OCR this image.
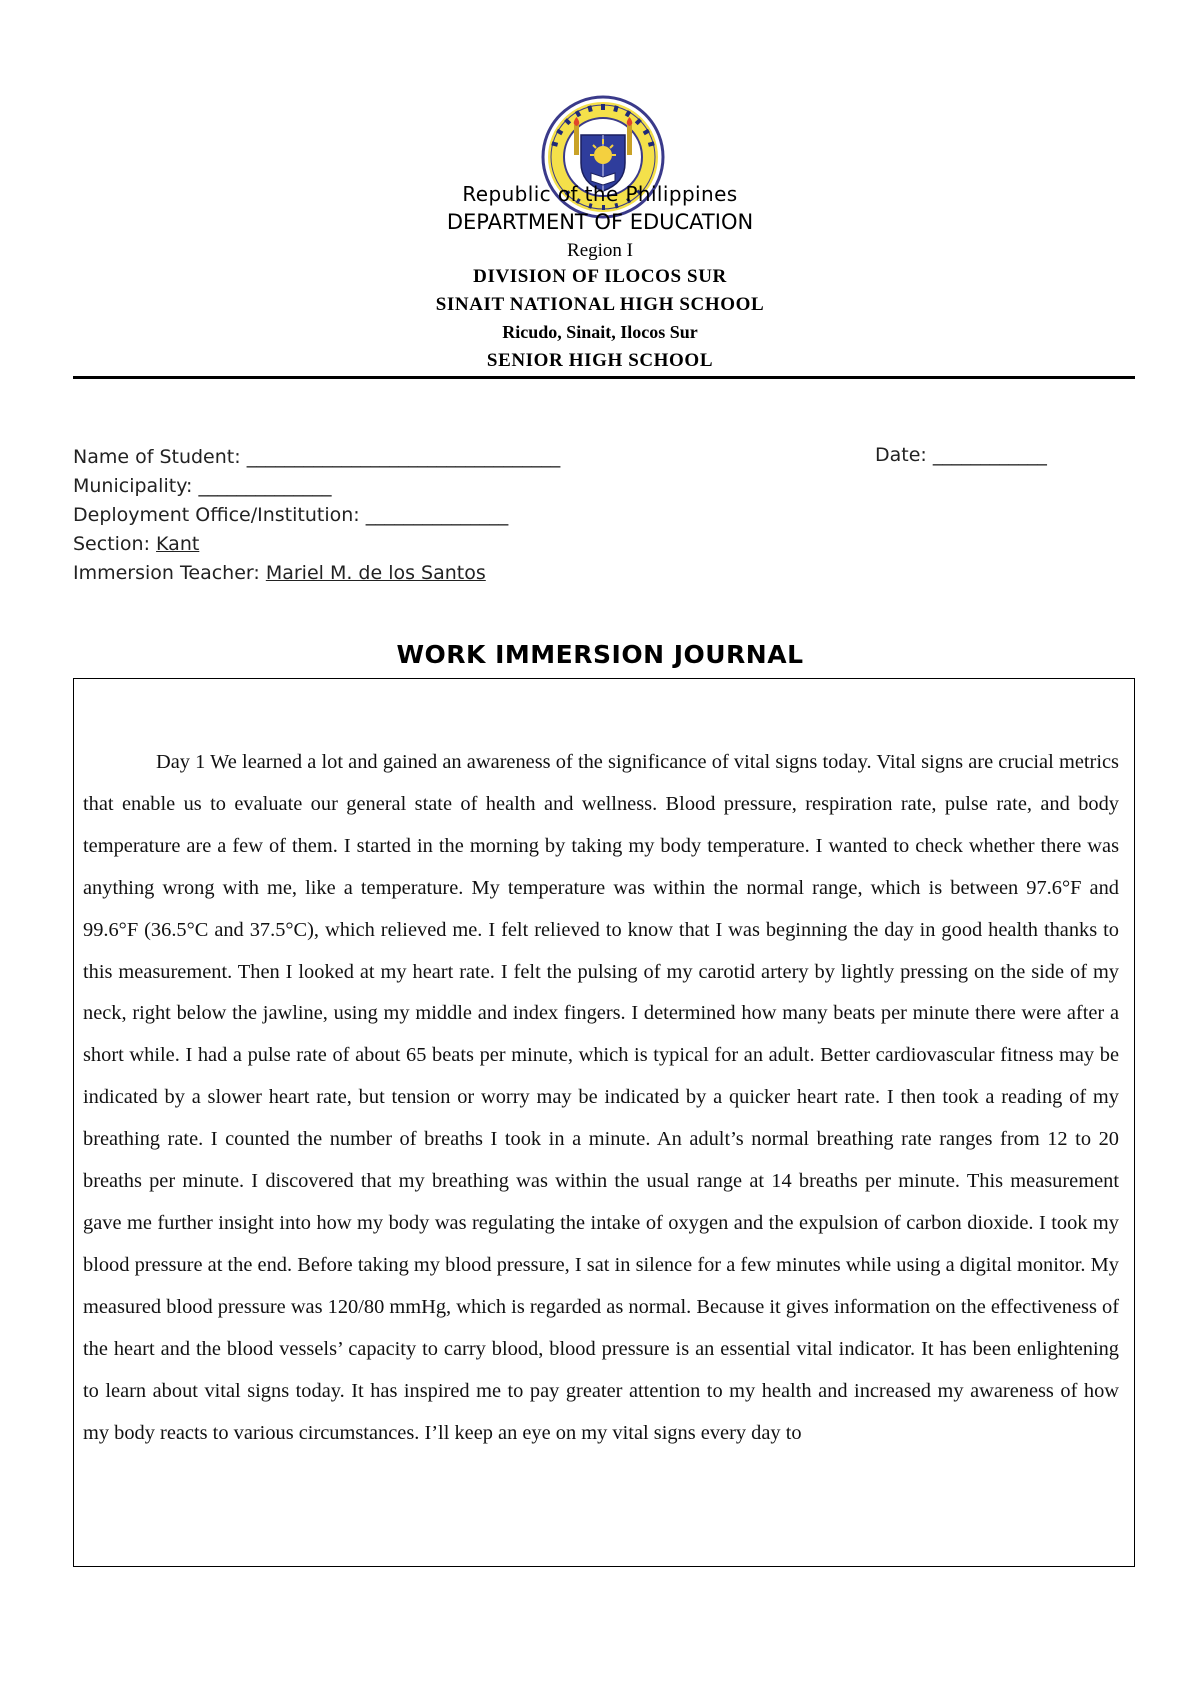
Republic of the Philippines
DEPARTMENT OF EDUCATION
Region I
DIVISION OF ILOCOS SUR
SINAIT NATIONAL HIGH SCHOOL
Ricudo, Sinait, Ilocos Sur
SENIOR HIGH SCHOOL
Name of Student: _________________________________	Date: ____________
Municipality: ______________
Deployment Office/Institution: _______________
Section: Kant
Immersion Teacher: Mariel M. de los Santos
WORK IMMERSION JOURNAL

Day 1 We learned a lot and gained an awareness of the significance of vital signs today. Vital signs are crucial metrics that enable us to evaluate our general state of health and wellness. Blood pressure, respiration rate, pulse rate, and body temperature are a few of them. I started in the morning by taking my body temperature. I wanted to check whether there was anything wrong with me, like a temperature. My temperature was within the normal range, which is between 97.6°F and 99.6°F (36.5°C and 37.5°C), which relieved me. I felt relieved to know that I was beginning the day in good health thanks to this measurement. Then I looked at my heart rate. I felt the pulsing of my carotid artery by lightly pressing on the side of my neck, right below the jawline, using my middle and index fingers. I determined how many beats per minute there were after a short while. I had a pulse rate of about 65 beats per minute, which is typical for an adult. Better cardiovascular fitness may be indicated by a slower heart rate, but tension or worry may be indicated by a quicker heart rate. I then took a reading of my breathing rate. I counted the number of breaths I took in a minute. An adult’s normal breathing rate ranges from 12 to 20 breaths per minute. I discovered that my breathing was within the usual range at 14 breaths per minute. This measurement gave me further insight into how my body was regulating the intake of oxygen and the expulsion of carbon dioxide. I took my blood pressure at the end. Before taking my blood pressure, I sat in silence for a few minutes while using a digital monitor. My measured blood pressure was 120/80 mmHg, which is regarded as normal. Because it gives information on the effectiveness of the heart and the blood vessels’ capacity to carry blood, blood pressure is an essential vital indicator. It has been enlightening to learn about vital signs today. It has inspired me to pay greater attention to my health and increased my awareness of how my body reacts to various circumstances. I’ll keep an eye on my vital signs every day to
